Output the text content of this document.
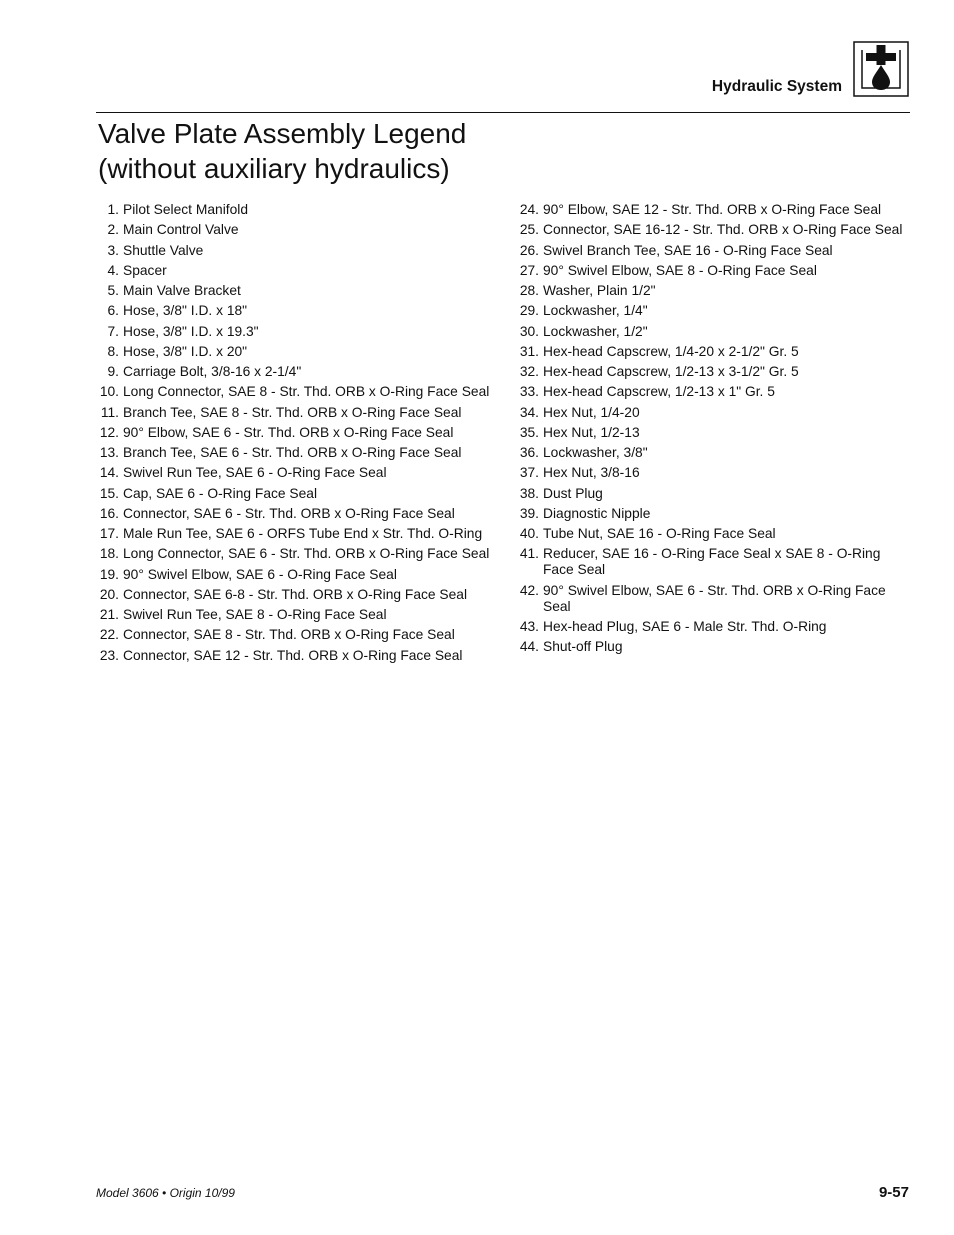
Hydraulic System
Valve Plate Assembly Legend
(without auxiliary hydraulics)
1. Pilot Select Manifold
2. Main Control Valve
3. Shuttle Valve
4. Spacer
5. Main Valve Bracket
6. Hose, 3/8" I.D. x 18"
7. Hose, 3/8" I.D. x 19.3"
8. Hose, 3/8" I.D. x 20"
9. Carriage Bolt, 3/8-16 x 2-1/4"
10. Long Connector, SAE 8 - Str. Thd. ORB x O-Ring Face Seal
11. Branch Tee, SAE 8 - Str. Thd. ORB x O-Ring Face Seal
12. 90° Elbow, SAE 6 - Str. Thd. ORB x O-Ring Face Seal
13. Branch Tee, SAE 6 - Str. Thd. ORB x O-Ring Face Seal
14. Swivel Run Tee, SAE 6 - O-Ring Face Seal
15. Cap, SAE 6 - O-Ring Face Seal
16. Connector, SAE 6 - Str. Thd. ORB x O-Ring Face Seal
17. Male Run Tee, SAE 6 - ORFS Tube End x Str. Thd. O-Ring
18. Long Connector, SAE 6 - Str. Thd. ORB x O-Ring Face Seal
19. 90° Swivel Elbow, SAE 6 - O-Ring Face Seal
20. Connector, SAE 6-8 - Str. Thd. ORB x O-Ring Face Seal
21. Swivel Run Tee, SAE 8 - O-Ring Face Seal
22. Connector, SAE 8 - Str. Thd. ORB x O-Ring Face Seal
23. Connector, SAE 12 - Str. Thd. ORB x O-Ring Face Seal
24. 90° Elbow, SAE 12 - Str. Thd. ORB x O-Ring Face Seal
25. Connector, SAE 16-12 - Str. Thd. ORB x O-Ring Face Seal
26. Swivel Branch Tee, SAE 16 - O-Ring Face Seal
27. 90° Swivel Elbow, SAE 8 - O-Ring Face Seal
28. Washer, Plain 1/2"
29. Lockwasher, 1/4"
30. Lockwasher, 1/2"
31. Hex-head Capscrew, 1/4-20 x 2-1/2" Gr. 5
32. Hex-head Capscrew, 1/2-13 x 3-1/2" Gr. 5
33. Hex-head Capscrew, 1/2-13 x 1" Gr. 5
34. Hex Nut, 1/4-20
35. Hex Nut, 1/2-13
36. Lockwasher, 3/8"
37. Hex Nut, 3/8-16
38. Dust Plug
39. Diagnostic Nipple
40. Tube Nut, SAE 16 - O-Ring Face Seal
41. Reducer, SAE 16 - O-Ring Face Seal x SAE 8 - O-Ring Face Seal
42. 90° Swivel Elbow, SAE 6 - Str. Thd. ORB x O-Ring Face Seal
43. Hex-head Plug, SAE 6 - Male Str. Thd. O-Ring
44. Shut-off Plug
Model 3606 • Origin 10/99	9-57
